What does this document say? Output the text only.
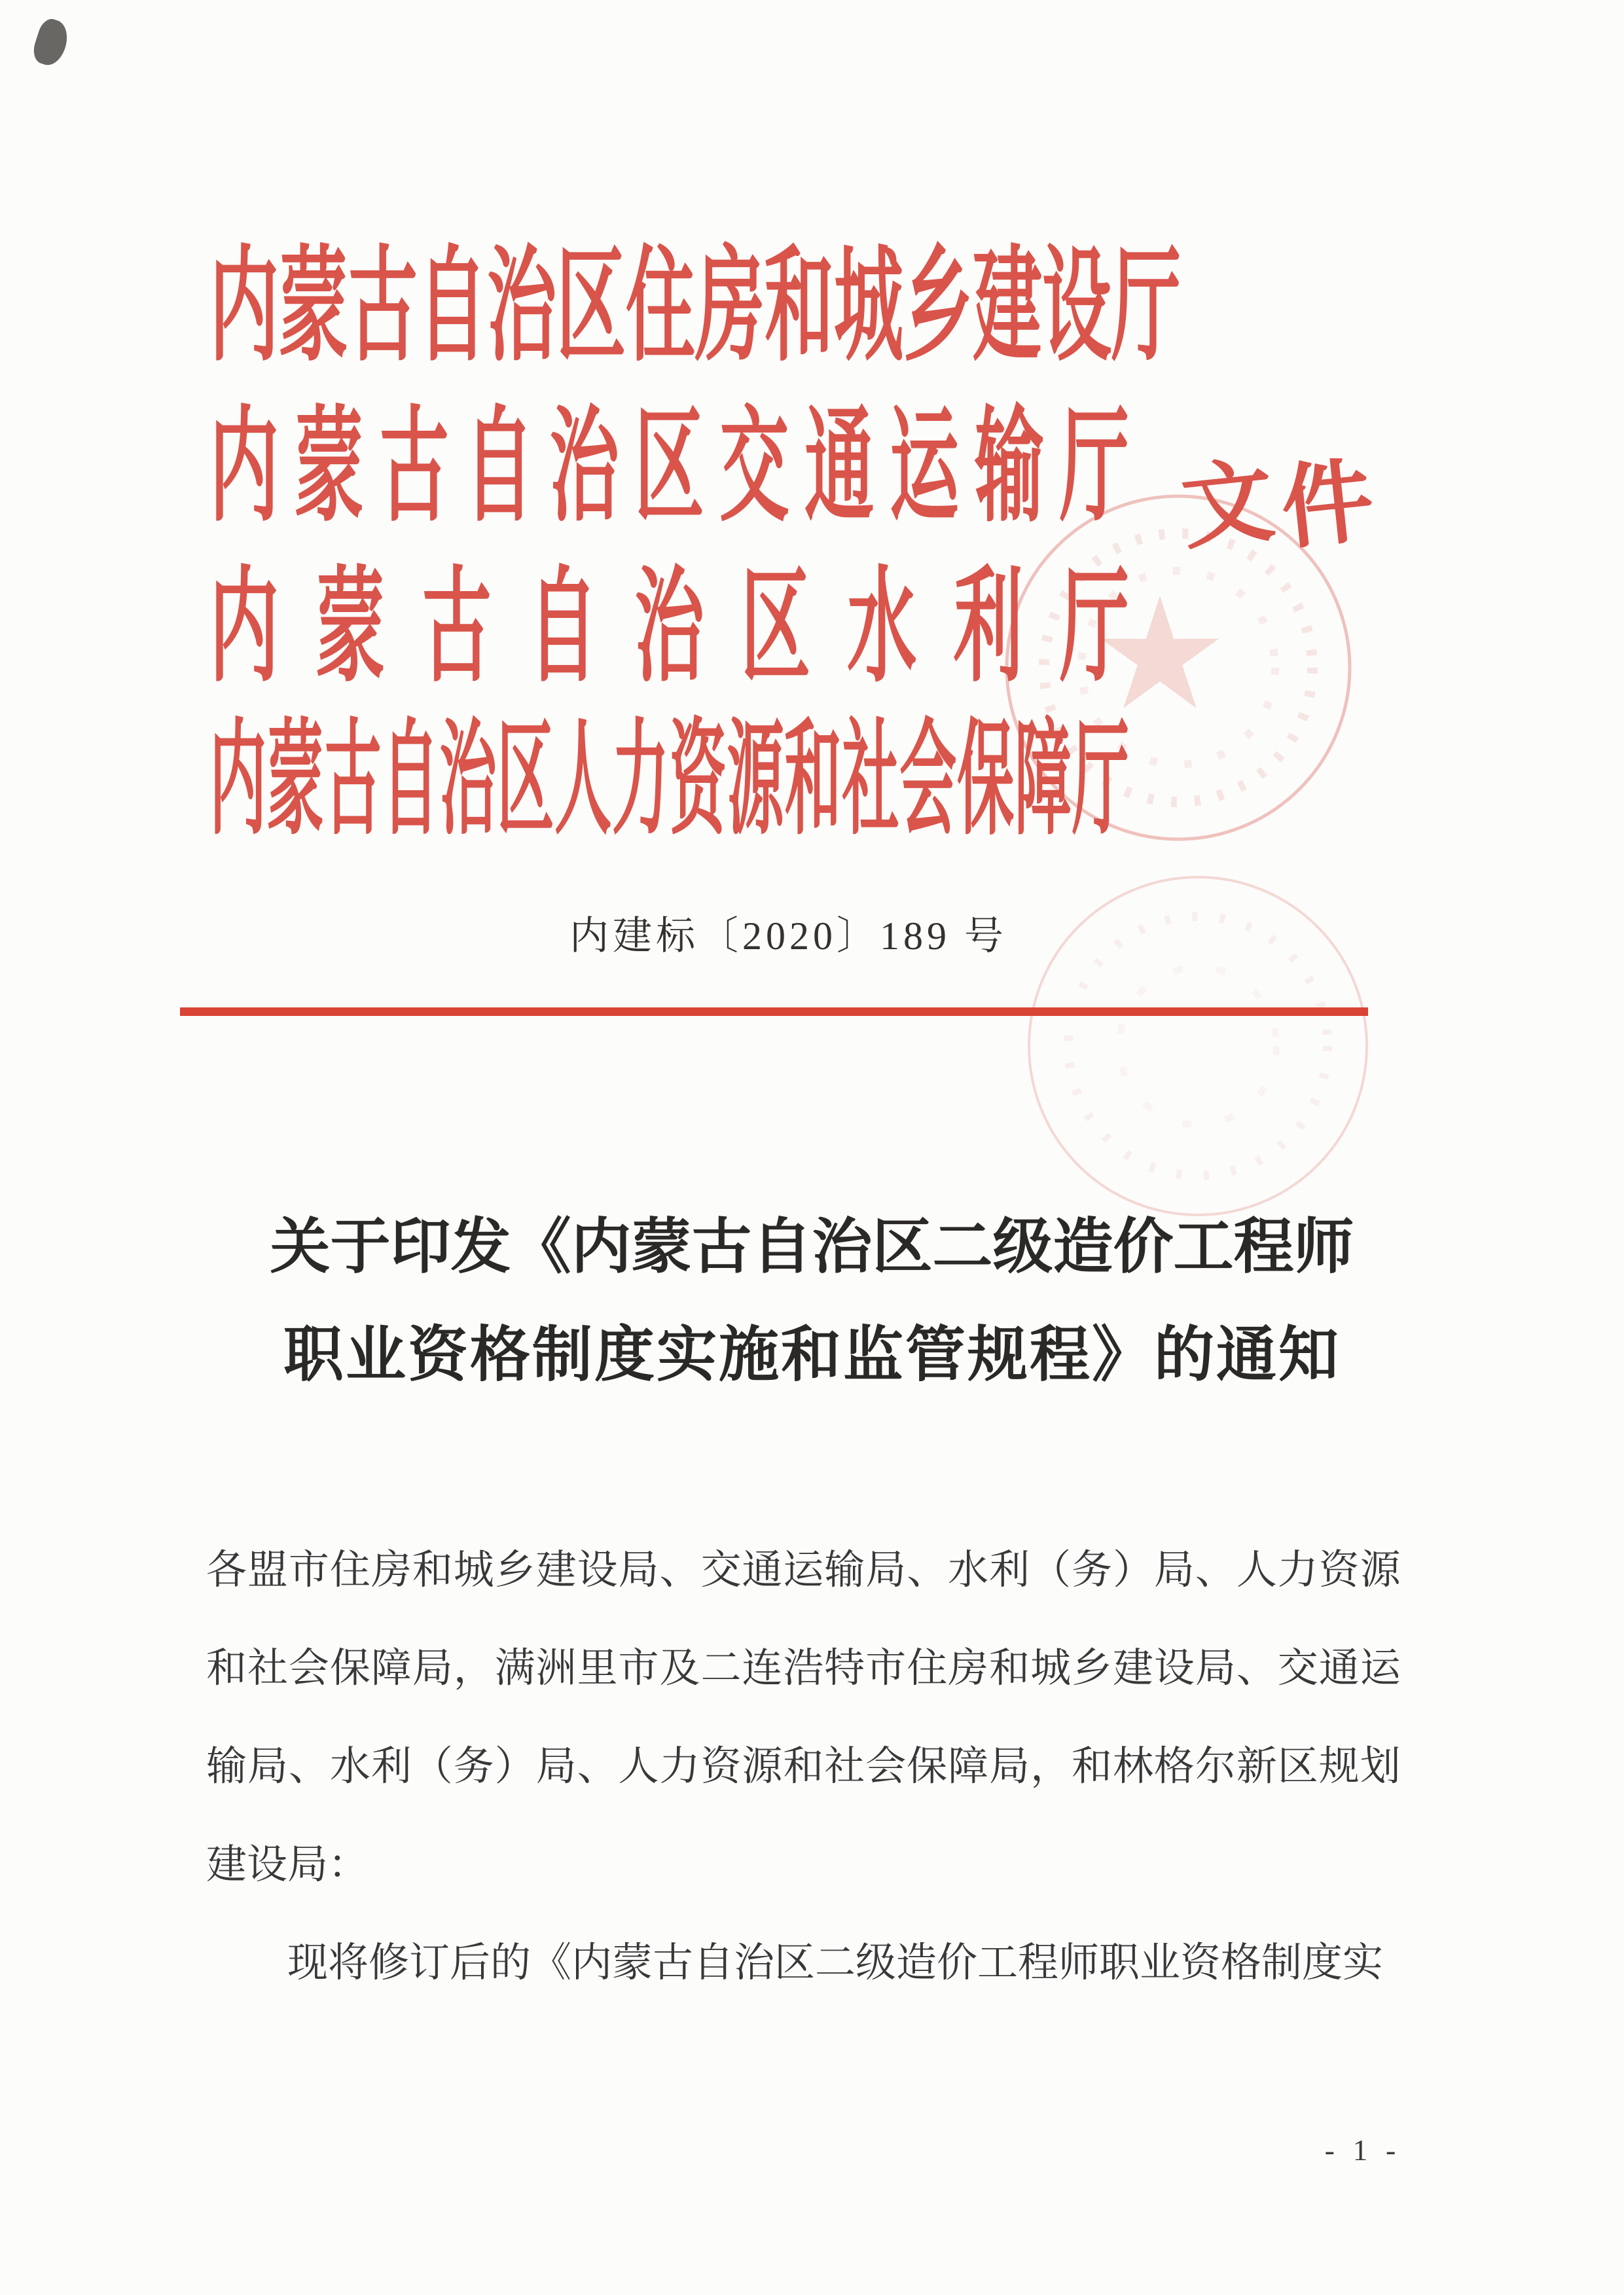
内 蒙 古 自 治 区 住 房 和 城 乡 建 设 厅
内 蒙 古 自 治 区 交 通 运 输 厅
内 蒙 古 自 治 区 水 利 厅
内 蒙 古 自 治 区 人 力 资 源 和 社 会 保 障 厅
文
件
内建标〔2020〕189 号
关于印发《内蒙古自治区二级造价工程师
职业资格制度实施和监管规程》的通知
各 盟 市 住 房 和 城 乡 建 设 局 、 交 通 运 输 局 、 水 利 （ 务 ） 局 、 人 力 资 源
和 社 会 保 障 局 ， 满 洲 里 市 及 二 连 浩 特 市 住 房 和 城 乡 建 设 局 、 交 通 运
输 局 、 水 利 （ 务 ） 局 、 人 力 资 源 和 社 会 保 障 局 ， 和 林 格 尔 新 区 规 划
建设局：
现将修订后的《内蒙古自治区二级造价工程师职业资格制度实
- 1 -
